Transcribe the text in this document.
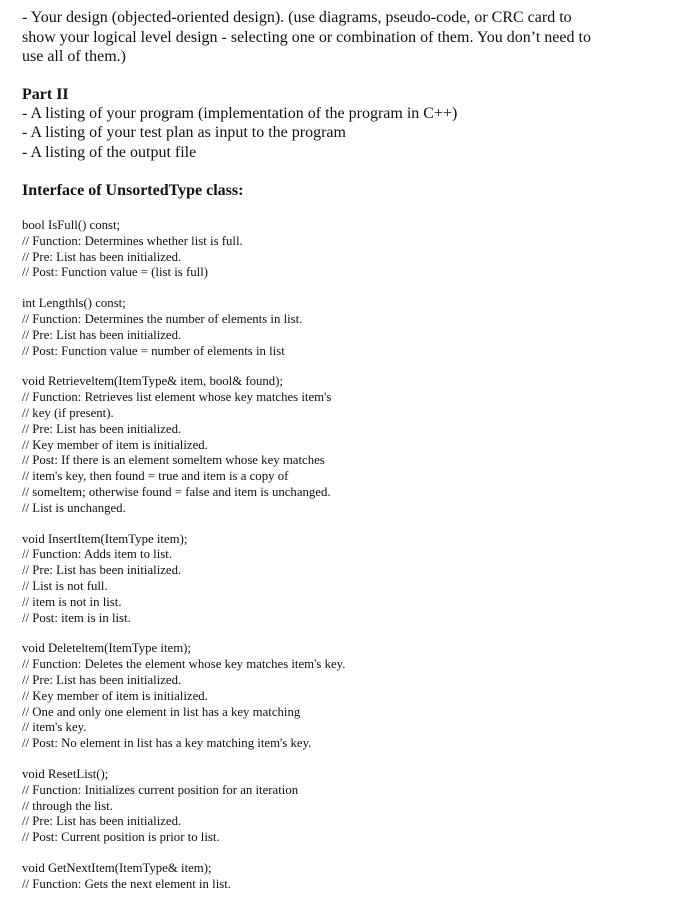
- Your design (objected-oriented design). (use diagrams, pseudo-code, or CRC card to

show your logical level design - selecting one or combination of them. You don’t need to

use all of them.)

Part II

- A listing of your program (implementation of the program in C++)

- A listing of your test plan as input to the program

- A listing of the output file

Interface of UnsortedType class:

bool IsFull() const;

// Function: Determines whether list is full.

// Pre: List has been initialized.

// Post: Function value = (list is full)

int Lengthls() const;

// Function: Determines the number of elements in list.

// Pre: List has been initialized.

// Post: Function value = number of elements in list

void Retrieveltem(ItemType& item, bool& found);

// Function: Retrieves list element whose key matches item's

// key (if present).

// Pre: List has been initialized.

// Key member of item is initialized.

// Post: If there is an element someltem whose key matches

// item's key, then found = true and item is a copy of

// someltem; otherwise found = false and item is unchanged.

// List is unchanged.

void InsertItem(ItemType item);

// Function: Adds item to list.

// Pre: List has been initialized.

// List is not full.

// item is not in list.

// Post: item is in list.

void Deleteltem(ItemType item);

// Function: Deletes the element whose key matches item's key.

// Pre: List has been initialized.

// Key member of item is initialized.

// One and only one element in list has a key matching

// item's key.

// Post: No element in list has a key matching item's key.

void ResetList();

// Function: Initializes current position for an iteration

// through the list.

// Pre: List has been initialized.

// Post: Current position is prior to list.

void GetNextItem(ItemType& item);

// Function: Gets the next element in list.
